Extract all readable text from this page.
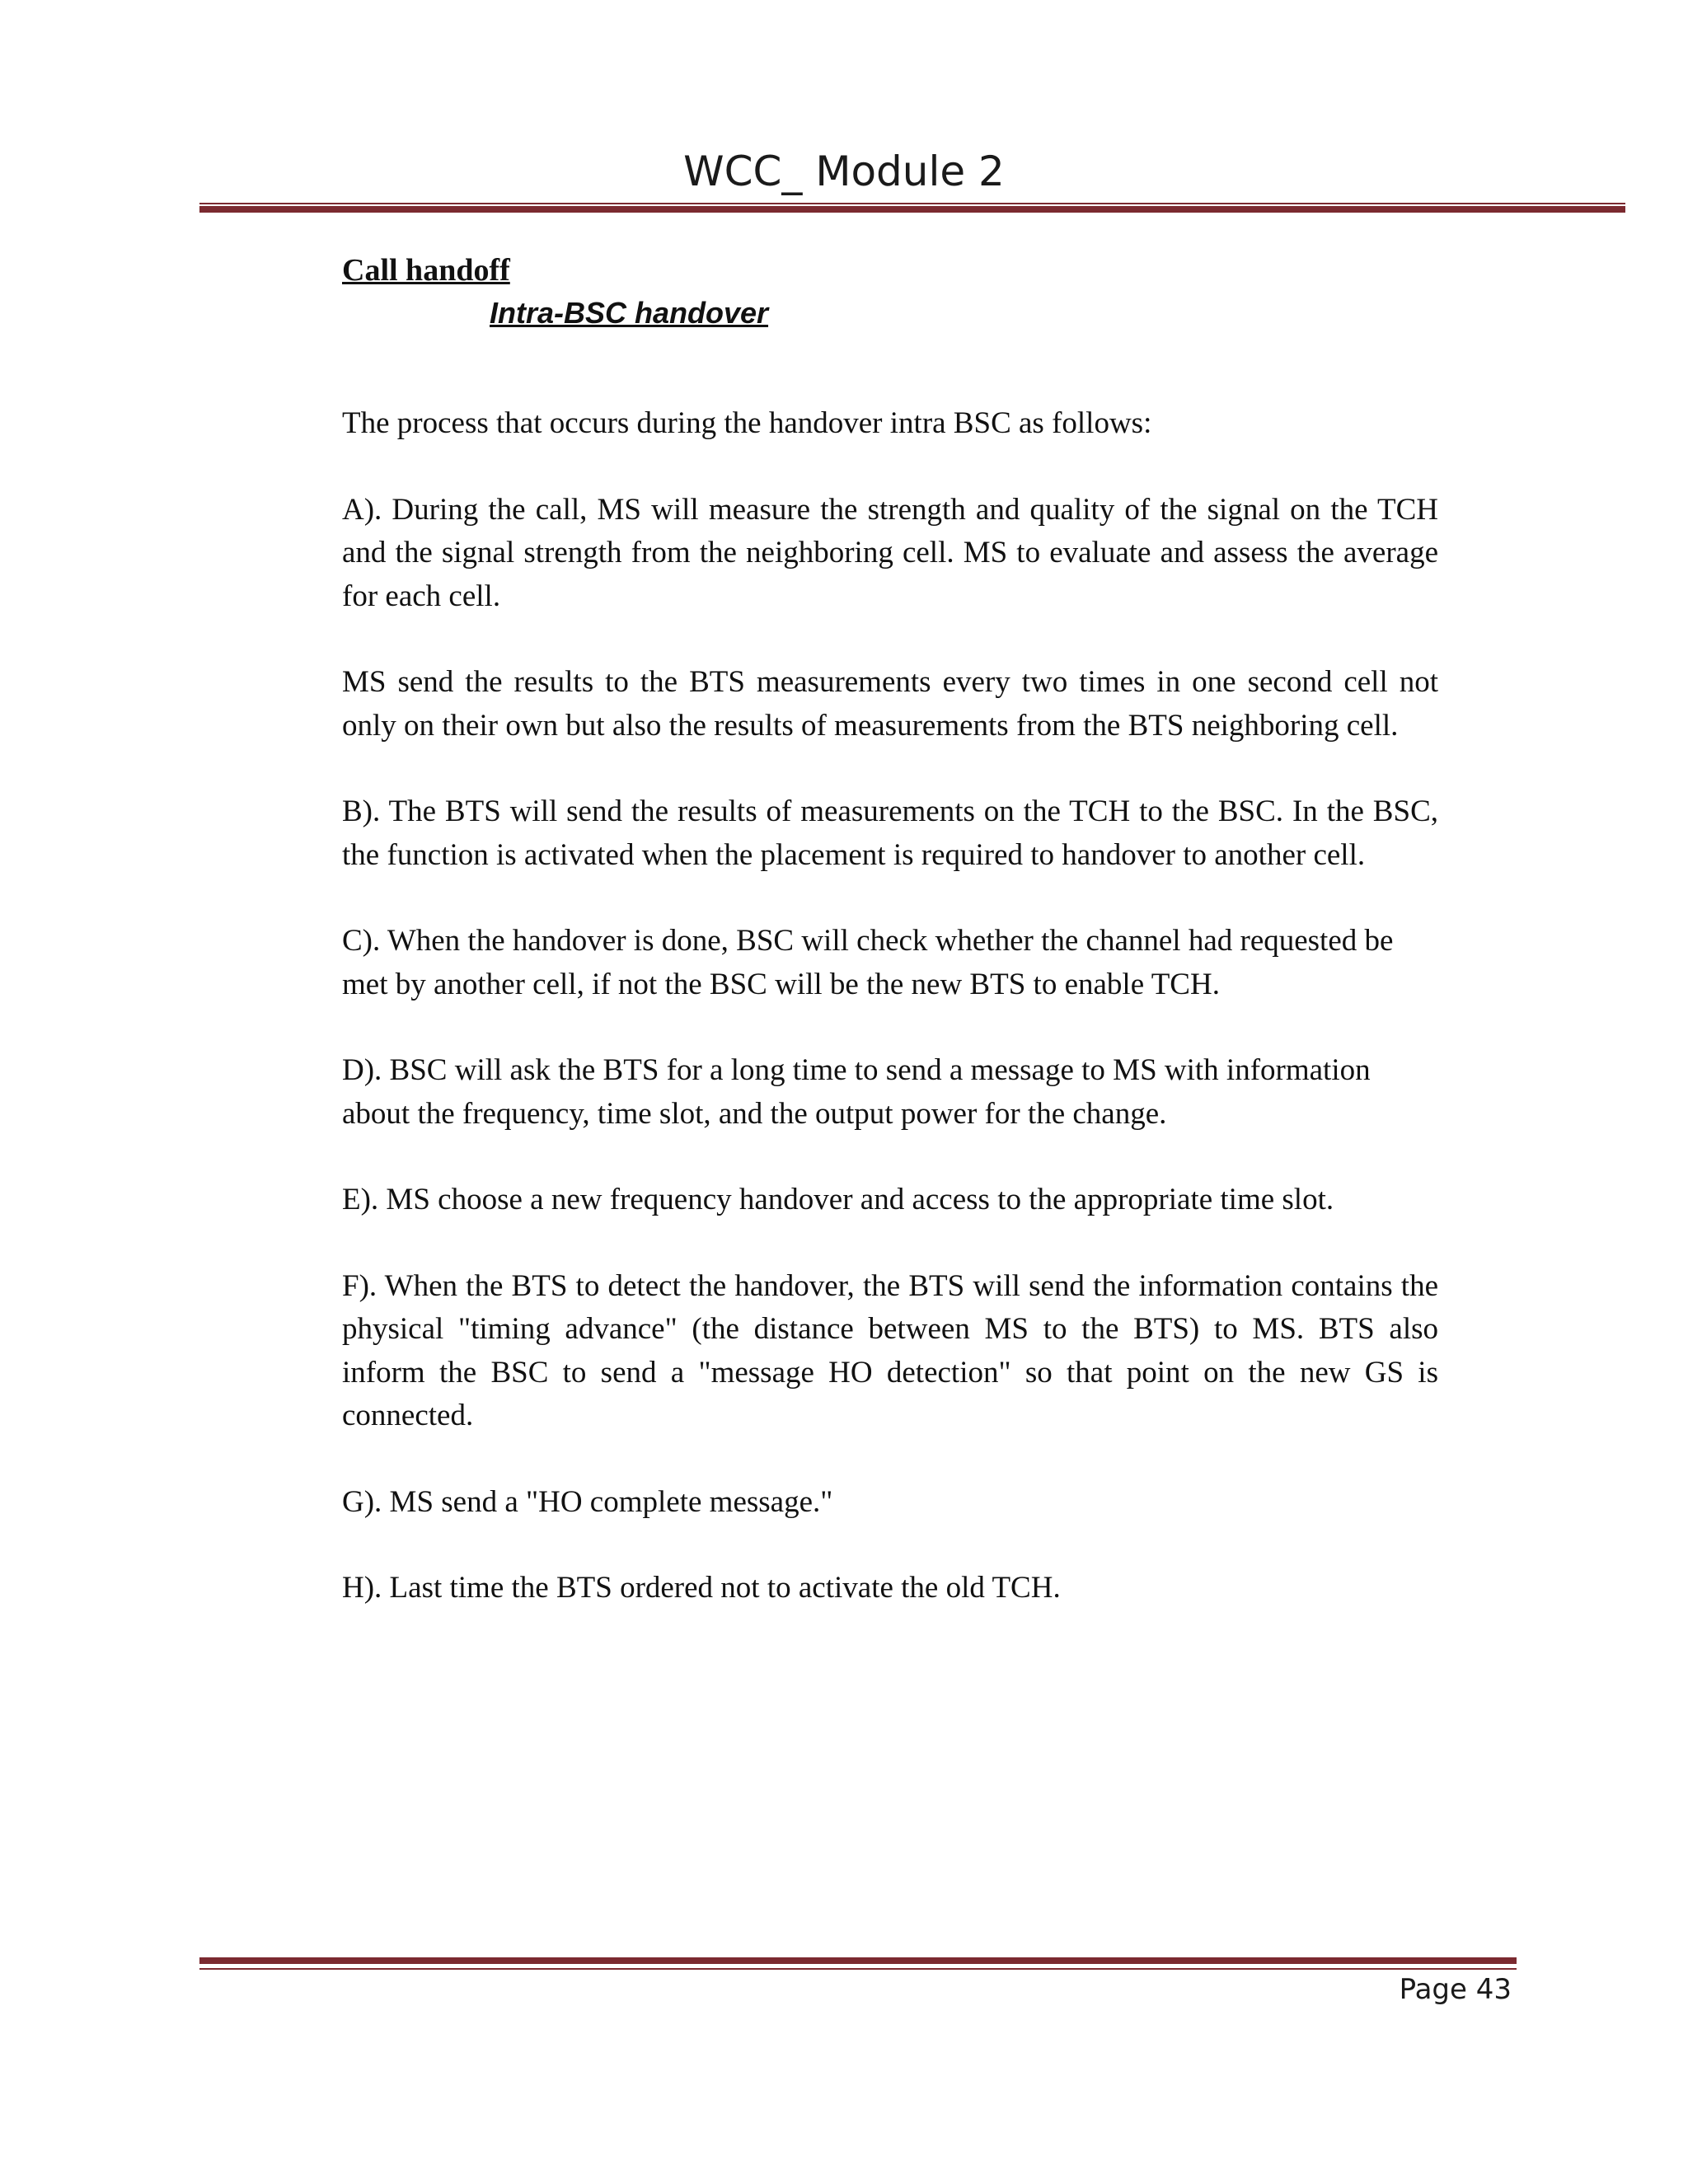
WCC_ Module 2
Call handoff
Intra-BSC handover

The process that occurs during the handover intra BSC as follows:

A). During the call, MS will measure the strength and quality of the signal on the TCH and the signal strength from the neighboring cell. MS to evaluate and assess the average for each cell.

MS send the results to the BTS measurements every two times in one second cell not only on their own but also the results of measurements from the BTS neighboring cell.

B). The BTS will send the results of measurements on the TCH to the BSC. In the BSC, the function is activated when the placement is required to handover to another cell.

C). When the handover is done, BSC will check whether the channel had requested be met by another cell, if not the BSC will be the new BTS to enable TCH.

D). BSC will ask the BTS for a long time to send a message to MS with information about the frequency, time slot, and the output power for the change.

E). MS choose a new frequency handover and access to the appropriate time slot.

F). When the BTS to detect the handover, the BTS will send the information contains the physical "timing advance" (the distance between MS to the BTS) to MS. BTS also inform the BSC to send a "message HO detection" so that point on the new GS is connected.

G). MS send a "HO complete message."

H). Last time the BTS ordered not to activate the old TCH.

Page 43
